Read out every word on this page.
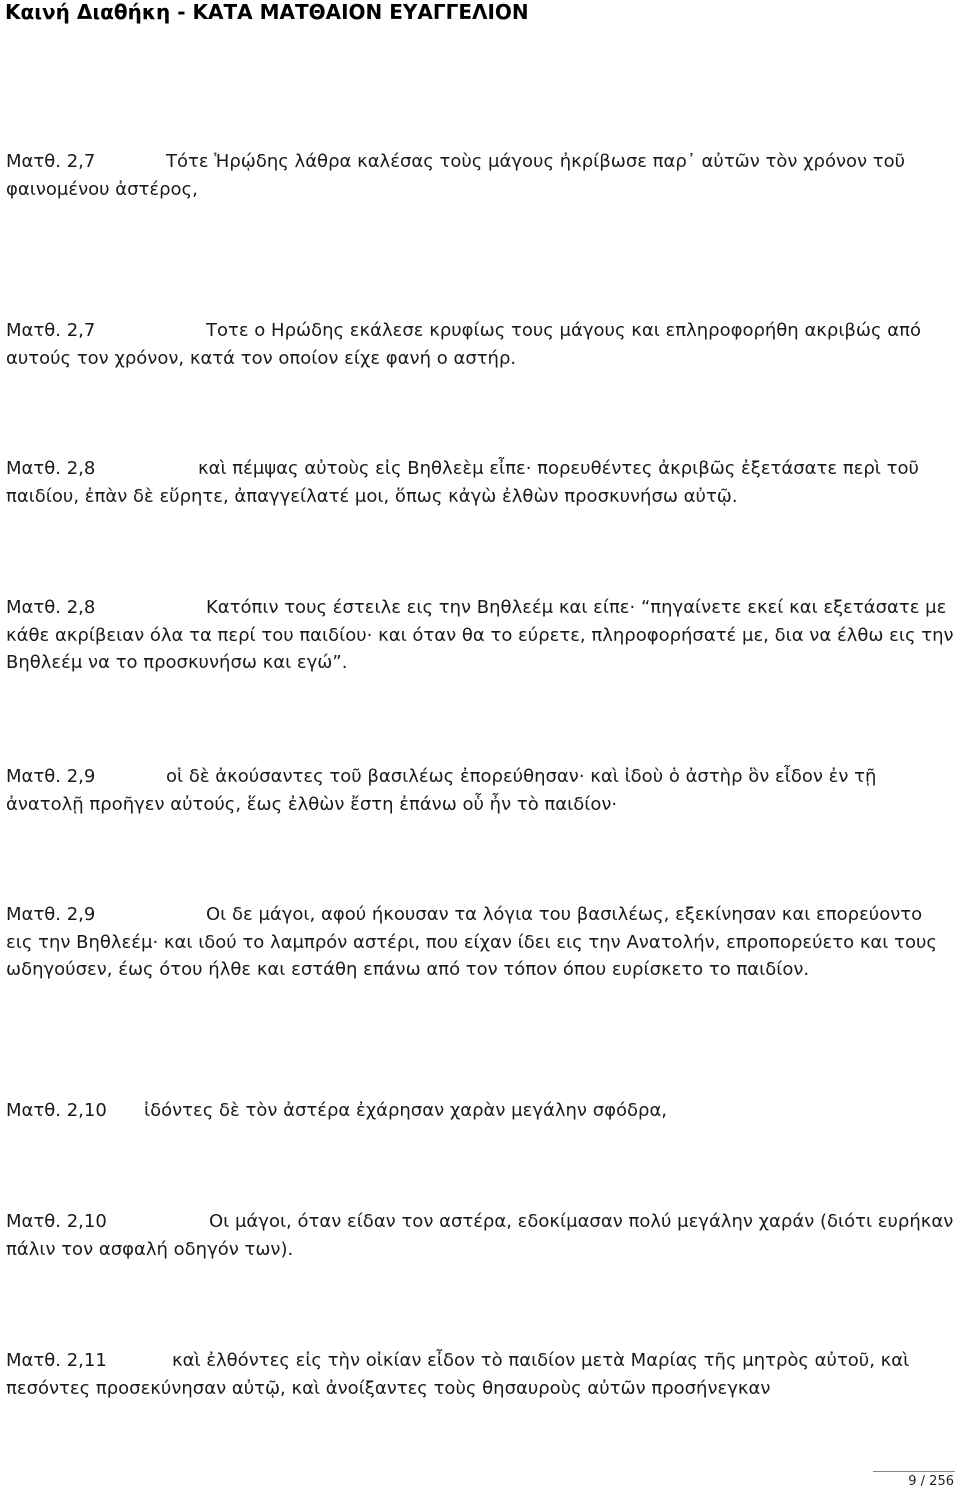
Καινή Διαθήκη - ΚΑΤΑ ΜΑΤΘΑΙΟΝ ΕΥΑΓΓΕΛΙΟΝ

Ματθ. 2,7	Τότε Ἡρῴδης λάθρα καλέσας τοὺς μάγους ἠκρίβωσε παρ᾽ αὐτῶν τὸν χρόνον τοῦ φαινομένου ἀστέρος,

Ματθ. 2,7	Τοτε ο Ηρώδης εκάλεσε κρυφίως τους μάγους και επληροφορήθη ακριβώς από αυτούς τον χρόνον, κατά τον οποίον είχε φανή ο αστήρ.

Ματθ. 2,8	καὶ πέμψας αὐτοὺς εἰς Βηθλεὲμ εἶπε· πορευθέντες ἀκριβῶς ἐξετάσατε περὶ τοῦ παιδίου, ἐπὰν δὲ εὕρητε, ἀπαγγείλατέ μοι, ὅπως κἀγὼ ἐλθὼν προσκυνήσω αὐτῷ.

Ματθ. 2,8	Κατόπιν τους έστειλε εις την Βηθλεέμ και είπε· “πηγαίνετε εκεί και εξετάσατε με κάθε ακρίβειαν όλα τα περί του παιδίου· και όταν θα το εύρετε, πληροφορήσατέ με, δια να έλθω εις την Βηθλεέμ να το προσκυνήσω και εγώ”.

Ματθ. 2,9	οἱ δὲ ἀκούσαντες τοῦ βασιλέως ἐπορεύθησαν· καὶ ἰδοὺ ὁ ἀστὴρ ὃν εἶδον ἐν τῇ ἀνατολῇ προῆγεν αὐτούς, ἕως ἐλθὼν ἔστη ἐπάνω οὗ ἦν τὸ παιδίον·

Ματθ. 2,9	Οι δε μάγοι, αφού ήκουσαν τα λόγια του βασιλέως, εξεκίνησαν και επορεύοντο εις την Βηθλεέμ· και ιδού το λαμπρόν αστέρι, που είχαν ίδει εις την Ανατολήν, επροπορεύετο και τους ωδηγούσεν, έως ότου ήλθε και εστάθη επάνω από τον τόπον όπου ευρίσκετο το παιδίον.

Ματθ. 2,10 ἰδόντες δὲ τὸν ἀστέρα ἐχάρησαν χαρὰν μεγάλην σφόδρα,

Ματθ. 2,10	Οι μάγοι, όταν είδαν τον αστέρα, εδοκίμασαν πολύ μεγάλην χαράν (διότι ευρήκαν πάλιν τον ασφαλή οδηγόν των).

Ματθ. 2,11	καὶ ἐλθόντες εἰς τὴν οἰκίαν εἶδον τὸ παιδίον μετὰ Μαρίας τῆς μητρὸς αὐτοῦ, καὶ πεσόντες προσεκύνησαν αὐτῷ, καὶ ἀνοίξαντες τοὺς θησαυροὺς αὐτῶν προσήνεγκαν

9 / 256
